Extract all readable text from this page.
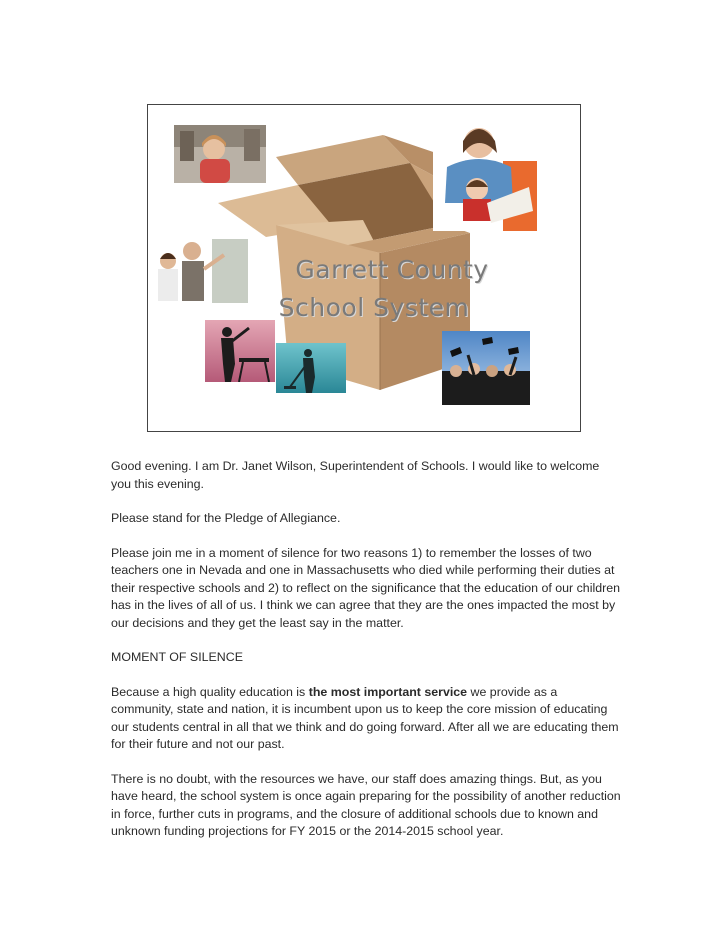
Garrett County
School System

Good evening. I am Dr. Janet Wilson, Superintendent of Schools. I would like to welcome you this evening.

Please stand for the Pledge of Allegiance.

Please join me in a moment of silence for two reasons 1) to remember the losses of two teachers one in Nevada and one in Massachusetts who died while performing their duties at their respective schools and 2) to reflect on the significance that the education of our children has in the lives of all of us. I think we can agree that they are the ones impacted the most by our decisions and they get the least say in the matter.

MOMENT OF SILENCE

Because a high quality education is the most important service we provide as a community, state and nation, it is incumbent upon us to keep the core mission of educating our students central in all that we think and do going forward. After all we are educating them for their future and not our past.

There is no doubt, with the resources we have, our staff does amazing things. But, as you have heard, the school system is once again preparing for the possibility of another reduction in force, further cuts in programs, and the closure of additional schools due to known and unknown funding projections for FY 2015 or the 2014-2015 school year.
